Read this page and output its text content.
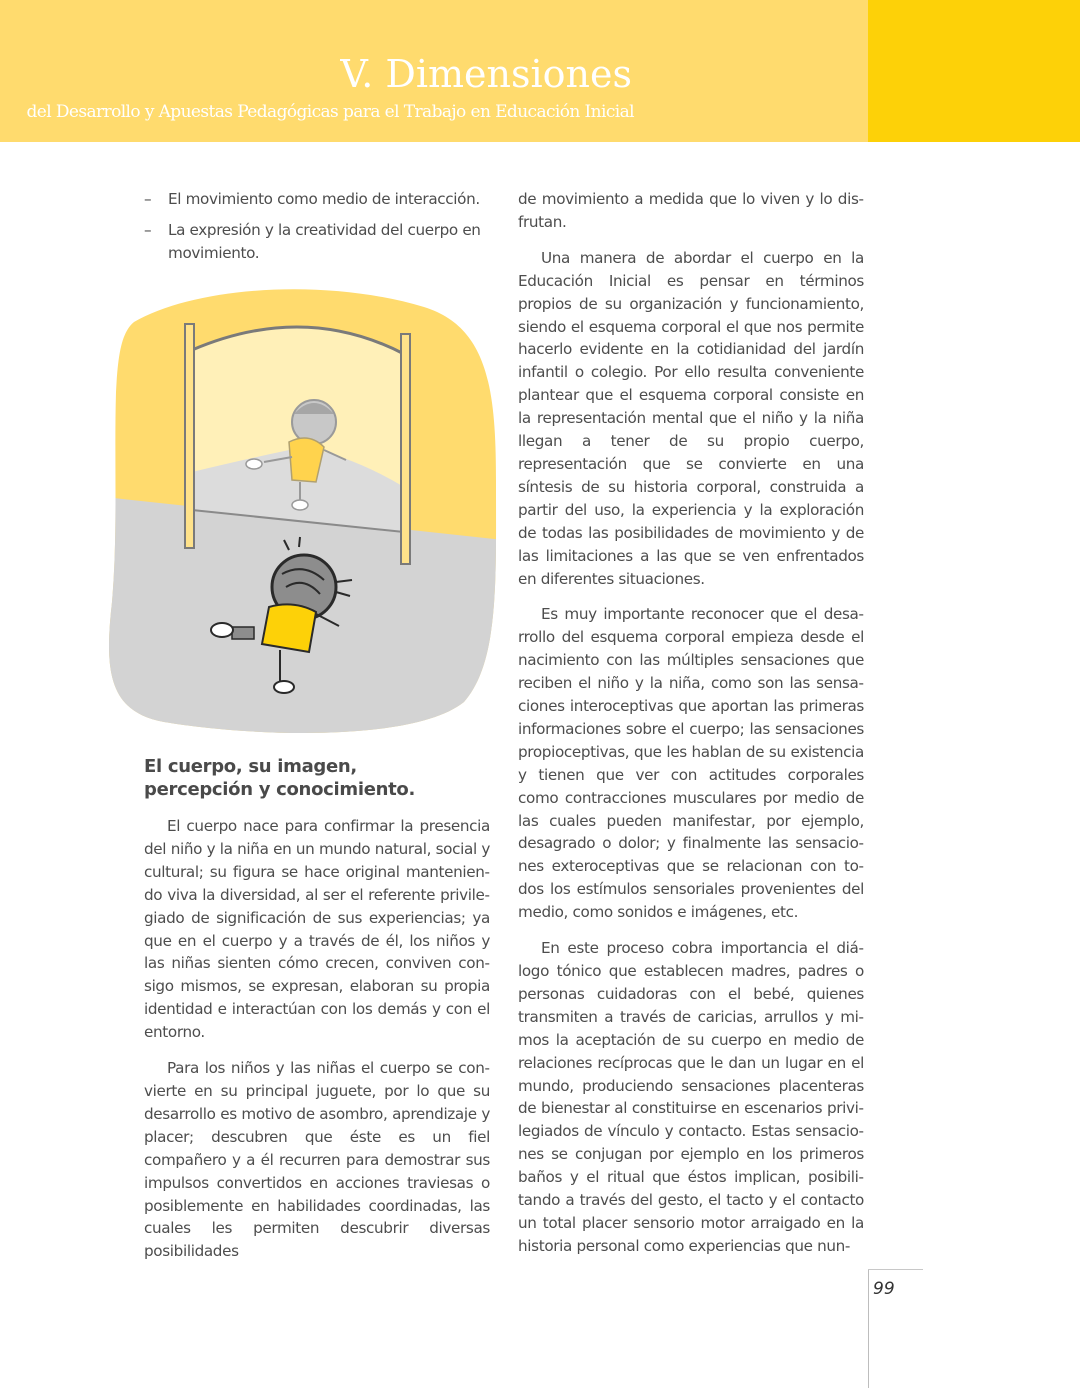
V. Dimensiones
del Desarrollo y Apuestas Pedagógicas para el Trabajo en Educación Inicial
– El movimiento como medio de interacción.
– La expresión y la creatividad del cuerpo en movimiento.
El cuerpo, su imagen,
percepción y conocimiento.

El cuerpo nace para confirmar la presencia del niño y la niña en un mundo natural, social y cultural; su figura se hace original manteniendo viva la diversidad, al ser el referente privilegiado de significación de sus experiencias; ya que en el cuerpo y a través de él, los niños y las niñas sienten cómo crecen, conviven consigo mismos, se expresan, elaboran su propia identidad e interactúan con los demás y con el entorno.

Para los niños y las niñas el cuerpo se convierte en su principal juguete, por lo que su desarrollo es motivo de asombro, aprendizaje y placer; descubren que éste es un fiel compañero y a él recurren para demostrar sus impulsos convertidos en acciones traviesas o posiblemente en habilidades coordinadas, las cuales les permiten descubrir diversas posibilidades

de movimiento a medida que lo viven y lo disfrutan.

Una manera de abordar el cuerpo en la Educación Inicial es pensar en términos propios de su organización y funcionamiento, siendo el esquema corporal el que nos permite hacerlo evidente en la cotidianidad del jardín infantil o colegio. Por ello resulta conveniente plantear que el esquema corporal consiste en la representación mental que el niño y la niña llegan a tener de su propio cuerpo, representación que se convierte en una síntesis de su historia corporal, construida a partir del uso, la experiencia y la exploración de todas las posibilidades de movimiento y de las limitaciones a las que se ven enfrentados en diferentes situaciones.

Es muy importante reconocer que el desarrollo del esquema corporal empieza desde el nacimiento con las múltiples sensaciones que reciben el niño y la niña, como son las sensaciones interoceptivas que aportan las primeras informaciones sobre el cuerpo; las sensaciones propioceptivas, que les hablan de su existencia y tienen que ver con actitudes corporales como contracciones musculares por medio de las cuales pueden manifestar, por ejemplo, desagrado o dolor; y finalmente las sensaciones exteroceptivas que se relacionan con todos los estímulos sensoriales provenientes del medio, como sonidos e imágenes, etc.

En este proceso cobra importancia el diálogo tónico que establecen madres, padres o personas cuidadoras con el bebé, quienes transmiten a través de caricias, arrullos y mimos la aceptación de su cuerpo en medio de relaciones recíprocas que le dan un lugar en el mundo, produciendo sensaciones placenteras de bienestar al constituirse en escenarios privilegiados de vínculo y contacto. Estas sensaciones se conjugan por ejemplo en los primeros baños y el ritual que éstos implican, posibilitando a través del gesto, el tacto y el contacto un total placer sensorio motor arraigado en la historia personal como experiencias que nun-

99
